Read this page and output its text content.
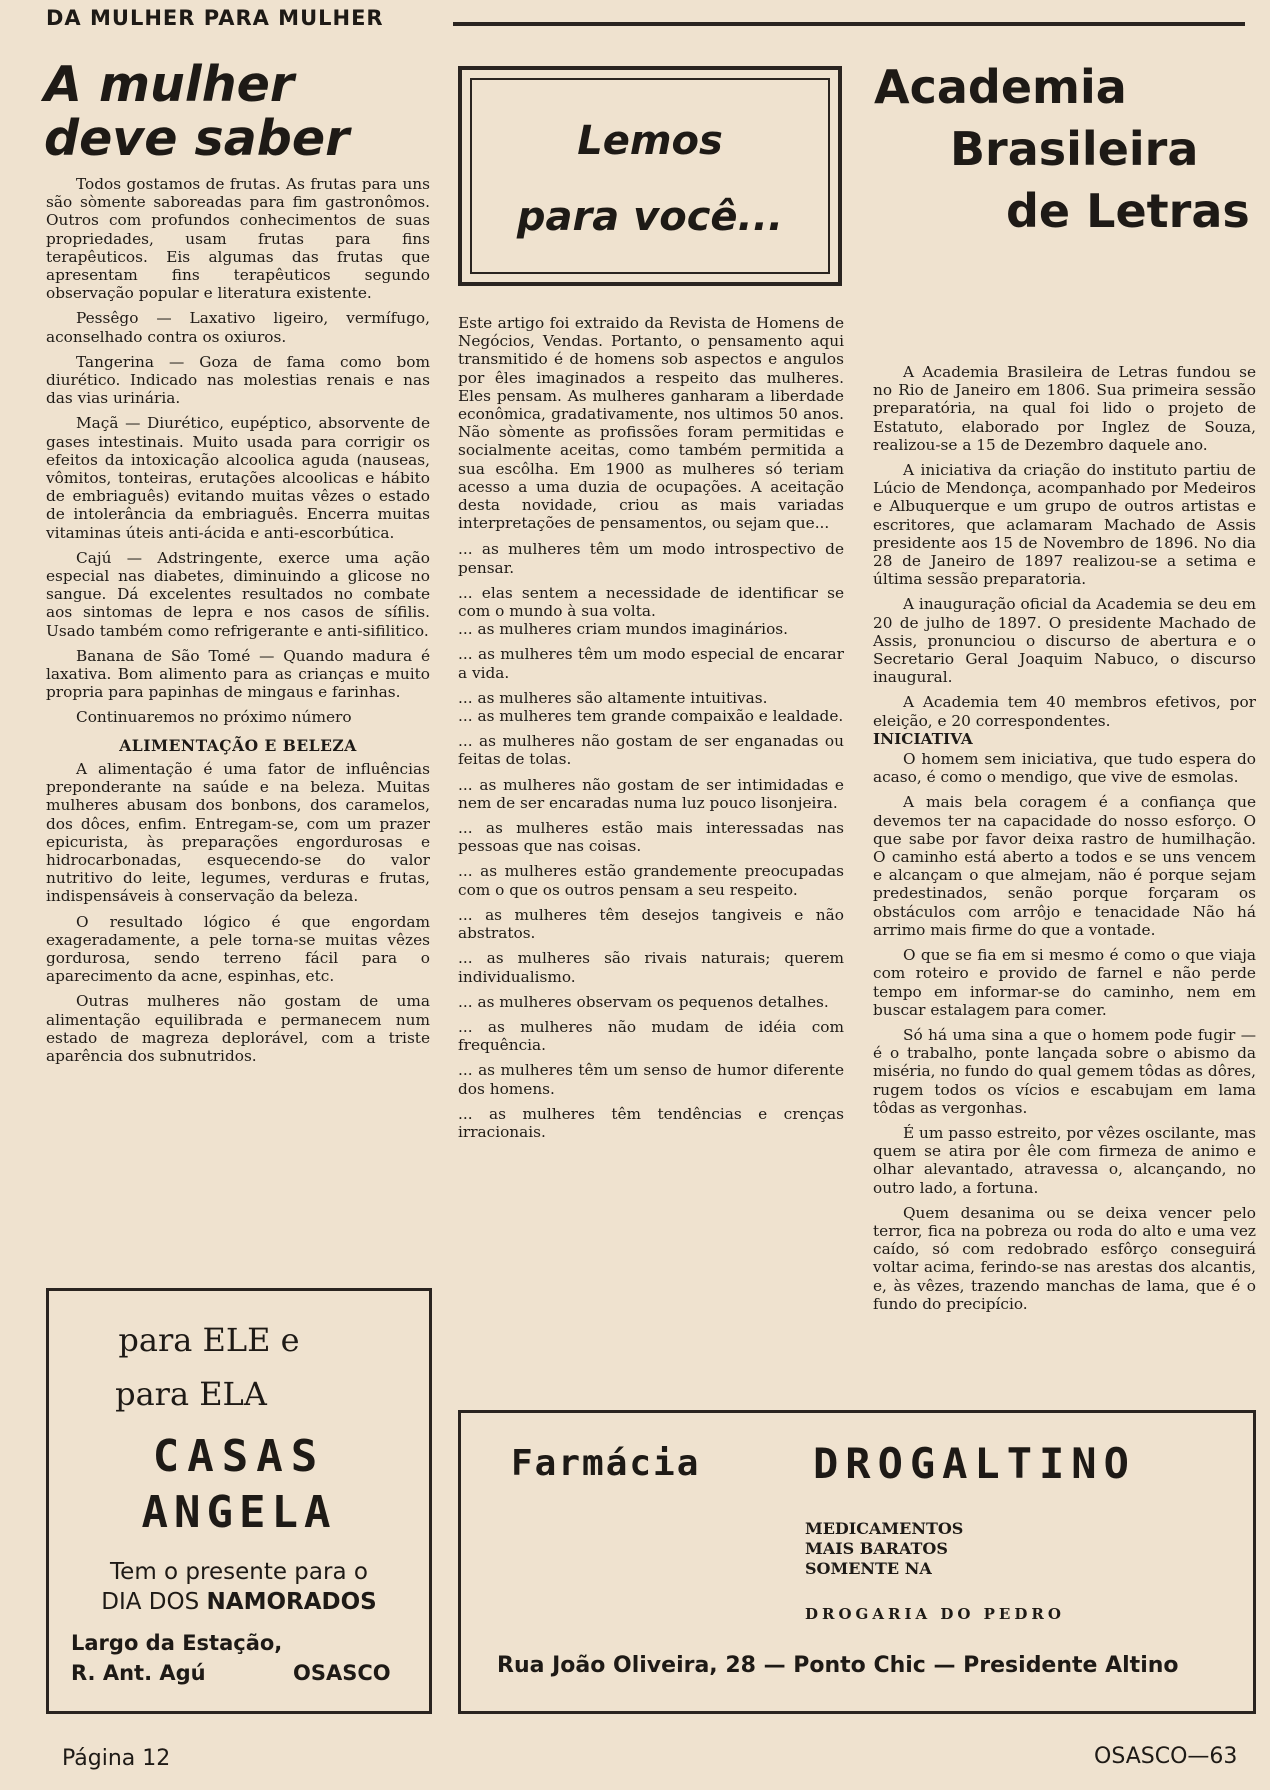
DA MULHER PARA MULHER
A mulher
deve saber

Todos gostamos de frutas. As frutas para uns são sòmente saboreadas para fim gastronômos. Outros com profundos conhecimentos de suas propriedades, usam frutas para fins terapêuticos. Eis algumas das frutas que apresentam fins terapêuticos segundo observação popular e literatura existente.

Pessêgo — Laxativo ligeiro, vermífugo, aconselhado contra os oxiuros.

Tangerina — Goza de fama como bom diurético. Indicado nas molestias renais e nas das vias urinária.

Maçã — Diurético, eupéptico, absorvente de gases intestinais. Muito usada para corrigir os efeitos da intoxicação alcoolica aguda (nauseas, vômitos, tonteiras, erutações alcoolicas e hábito de embriaguês) evitando muitas vêzes o estado de intolerância da embriaguês. Encerra muitas vitaminas úteis anti-ácida e anti-escorbútica.

Cajú — Adstringente, exerce uma ação especial nas diabetes, diminuindo a glicose no sangue. Dá excelentes resultados no combate aos sintomas de lepra e nos casos de sífilis. Usado também como refrigerante e anti-sifilitico.

Banana de São Tomé — Quando madura é laxativa. Bom alimento para as crianças e muito propria para papinhas de mingaus e farinhas.

Continuaremos no próximo número

ALIMENTAÇÃO E BELEZA

A alimentação é uma fator de influências preponderante na saúde e na beleza. Muitas mulheres abusam dos bonbons, dos caramelos, dos dôces, enfim. Entregam-se, com um prazer epicurista, às preparações engordurosas e hidrocarbonadas, esquecendo-se do valor nutritivo do leite, legumes, verduras e frutas, indispensáveis à conservação da beleza.

O resultado lógico é que engordam exageradamente, a pele torna-se muitas vêzes gordurosa, sendo terreno fácil para o aparecimento da acne, espinhas, etc.

Outras mulheres não gostam de uma alimentação equilibrada e permanecem num estado de magreza deplorável, com a triste aparência dos subnutridos.

Lemos
para você...

Este artigo foi extraido da Revista de Homens de Negócios, Vendas. Portanto, o pensamento aqui transmitido é de homens sob aspectos e angulos por êles imaginados a respeito das mulheres. Eles pensam. As mulheres ganharam a liberdade econômica, gradativamente, nos ultimos 50 anos. Não sòmente as profissões foram permitidas e socialmente aceitas, como também permitida a sua escôlha. Em 1900 as mulheres só teriam acesso a uma duzia de ocupações. A aceitação desta novidade, criou as mais variadas interpretações de pensamentos, ou sejam que...

... as mulheres têm um modo introspectivo de pensar.

... elas sentem a necessidade de identificar se com o mundo à sua volta.

... as mulheres criam mundos imaginários.

... as mulheres têm um modo especial de encarar a vida.

... as mulheres são altamente intuitivas.

... as mulheres tem grande compaixão e lealdade.

... as mulheres não gostam de ser enganadas ou feitas de tolas.

... as mulheres não gostam de ser intimidadas e nem de ser encaradas numa luz pouco lisonjeira.

... as mulheres estão mais interessadas nas pessoas que nas coisas.

... as mulheres estão grandemente preocupadas com o que os outros pensam a seu respeito.

... as mulheres têm desejos tangiveis e não abstratos.

... as mulheres são rivais naturais; querem individualismo.

... as mulheres observam os pequenos detalhes.

... as mulheres não mudam de idéia com frequência.

... as mulheres têm um senso de humor diferente dos homens.

... as mulheres têm tendências e crenças irracionais.

Academia
Brasileira
de Letras

A Academia Brasileira de Letras fundou se no Rio de Janeiro em 1806. Sua primeira sessão preparatória, na qual foi lido o projeto de Estatuto, elaborado por Inglez de Souza, realizou-se a 15 de Dezembro daquele ano.

A iniciativa da criação do instituto partiu de Lúcio de Mendonça, acompanhado por Medeiros e Albuquerque e um grupo de outros artistas e escritores, que aclamaram Machado de Assis presidente aos 15 de Novembro de 1896. No dia 28 de Janeiro de 1897 realizou-se a setima e última sessão preparatoria.

A inauguração oficial da Academia se deu em 20 de julho de 1897. O presidente Machado de Assis, pronunciou o discurso de abertura e o Secretario Geral Joaquim Nabuco, o discurso inaugural.

A Academia tem 40 membros efetivos, por eleição, e 20 correspondentes.

INICIATIVA

O homem sem iniciativa, que tudo espera do acaso, é como o mendigo, que vive de esmolas.

A mais bela coragem é a confiança que devemos ter na capacidade do nosso esforço. O que sabe por favor deixa rastro de humilhação. O caminho está aberto a todos e se uns vencem e alcançam o que almejam, não é porque sejam predestinados, senão porque forçaram os obstáculos com arrôjo e tenacidade Não há arrimo mais firme do que a vontade.

O que se fia em si mesmo é como o que viaja com roteiro e provido de farnel e não perde tempo em informar-se do caminho, nem em buscar estalagem para comer.

Só há uma sina a que o homem pode fugir — é o trabalho, ponte lançada sobre o abismo da miséria, no fundo do qual gemem tôdas as dôres, rugem todos os vícios e escabujam em lama tôdas as vergonhas.

É um passo estreito, por vêzes oscilante, mas quem se atira por êle com firmeza de animo e olhar alevantado, atravessa o, alcançando, no outro lado, a fortuna.

Quem desanima ou se deixa vencer pelo terror, fica na pobreza ou roda do alto e uma vez caído, só com redobrado esfôrço conseguirá voltar acima, ferindo-se nas arestas dos alcantis, e, às vêzes, trazendo manchas de lama, que é o fundo do precipício.

para ELE e
para ELA
CASAS
ANGELA
Tem o presente para o
DIA DOS NAMORADOS
Largo da Estação,
R. Ant. Agú	OSASCO
Farmácia	DROGALTINO
MEDICAMENTOS
MAIS BARATOS
SOMENTE NA
DROGARIA DO PEDRO
Rua João Oliveira, 28 — Ponto Chic — Presidente Altino
Página 12	OSASCO—63
